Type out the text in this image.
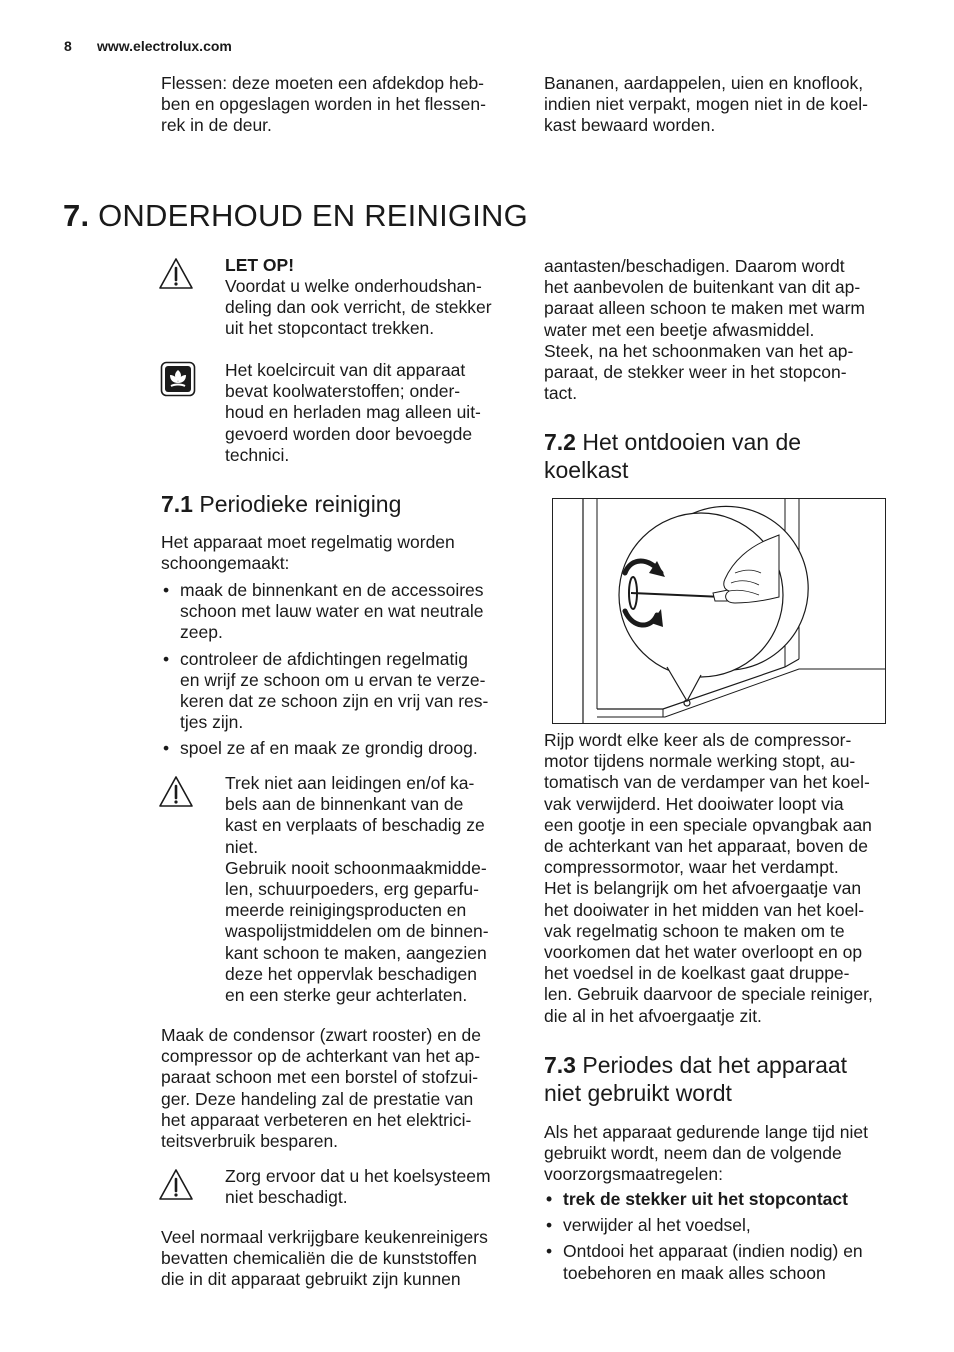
8 www.electrolux.com
Flessen: deze moeten een afdekdop heb-
ben en opgeslagen worden in het flessen-
rek in de deur.
Bananen, aardappelen, uien en knoflook,
indien niet verpakt, mogen niet in de koel-
kast bewaard worden.
7. ONDERHOUD EN REINIGING
LET OP!
Voordat u welke onderhoudshan-
deling dan ook verricht, de stekker
uit het stopcontact trekken.
Het koelcircuit van dit apparaat
bevat koolwaterstoffen; onder-
houd en herladen mag alleen uit-
gevoerd worden door bevoegde
technici.
7.1 Periodieke reiniging
Het apparaat moet regelmatig worden
schoongemaakt:
• maak de binnenkant en de accessoires
schoon met lauw water en wat neutrale
zeep.
• controleer de afdichtingen regelmatig
en wrijf ze schoon om u ervan te verze-
keren dat ze schoon zijn en vrij van res-
tjes zijn.
• spoel ze af en maak ze grondig droog.
Trek niet aan leidingen en/of ka-
bels aan de binnenkant van de
kast en verplaats of beschadig ze
niet.
Gebruik nooit schoonmaakmidde-
len, schuurpoeders, erg geparfu-
meerde reinigingsproducten en
waspolijstmiddelen om de binnen-
kant schoon te maken, aangezien
deze het oppervlak beschadigen
en een sterke geur achterlaten.
Maak de condensor (zwart rooster) en de
compressor op de achterkant van het ap-
paraat schoon met een borstel of stofzui-
ger. Deze handeling zal de prestatie van
het apparaat verbeteren en het elektrici-
teitsverbruik besparen.
Zorg ervoor dat u het koelsysteem
niet beschadigt.
Veel normaal verkrijgbare keukenreinigers
bevatten chemicaliën die de kunststoffen
die in dit apparaat gebruikt zijn kunnen
aantasten/beschadigen. Daarom wordt
het aanbevolen de buitenkant van dit ap-
paraat alleen schoon te maken met warm
water met een beetje afwasmiddel.
Steek, na het schoonmaken van het ap-
paraat, de stekker weer in het stopcon-
tact.
7.2 Het ontdooien van de
koelkast
Rijp wordt elke keer als de compressor-
motor tijdens normale werking stopt, au-
tomatisch van de verdamper van het koel-
vak verwijderd. Het dooiwater loopt via
een gootje in een speciale opvangbak aan
de achterkant van het apparaat, boven de
compressormotor, waar het verdampt.
Het is belangrijk om het afvoergaatje van
het dooiwater in het midden van het koel-
vak regelmatig schoon te maken om te
voorkomen dat het water overloopt en op
het voedsel in de koelkast gaat druppe-
len. Gebruik daarvoor de speciale reiniger,
die al in het afvoergaatje zit.
7.3 Periodes dat het apparaat
niet gebruikt wordt
Als het apparaat gedurende lange tijd niet
gebruikt wordt, neem dan de volgende
voorzorgsmaatregelen:
• trek de stekker uit het stopcontact
• verwijder al het voedsel,
• Ontdooi het apparaat (indien nodig) en
toebehoren en maak alles schoon
